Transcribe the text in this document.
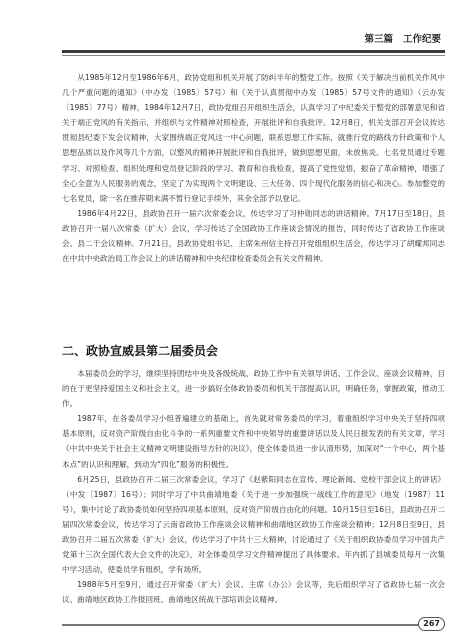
第三篇 工作纪要

从1985年12月至1986年6月，政协党组和机关开展了防纠半年的整党工作。按照《关于解决当前机关作风中几个严重问题的通知》（中办发〔1985〕57号）和《关于认真贯彻中办发〔1985〕57号文件的通知》（云办发〔1985〕77号）精神，1984年12月7日，政协党组召开组织生活会，认真学习了中纪委关于整党的部署意见和省关于端正党风的有关指示，并组织与文件精神对照检查，开展批评和自我批评。12月8日，机关支部召开会议传达贯彻县纪委下发会议精神，大家围绕端正党风这一中心问题，联系思想工作实际，就推行党的路线方针政策和个人思想品质以及作风等几个方面，以整风的精神开展批评和自我批评，做到思想见面，未放焦炎。七名党员通过专题学习、对照检查、组织处理和党员登记阶段的学习、教育和自我检查，提高了党性觉悟，振奋了革命精神，增强了全心全意为人民服务的观念，坚定了为实现两个文明建设、三大任务、四个现代化服务的信心和决心。参加整党的七名党员，除一名在推荐期未满不暂行登记手续外，其余全部予以登记。

1986年4月22日，县政协召开一届六次常委会议，传达学习了习仲勋同志的讲话精神。7月17日至18日，县政协召开一届八次常委（扩大）会议，学习传达了全国政协工作座谈会情况的报告，同时传达了省政协工作座谈会、县二干会议精神。7月21日，县政协党组书记、主席朱州信主持召开党组组织生活会，传达学习了胡耀邦同志在中共中央政治局工作会议上的讲话精神和中央纪律检查委员会有关文件精神。

二、政协宣威县第二届委员会

本届委员会的学习，继续坚持团结中央及各级统战、政协工作中有关领导讲话、工作会议、座谈会议精神，目的在于更坚持爱国主义和社会主义，进一步搞好全体政协委员和机关干部提高认识，明确任务，掌握政策，推动工作。

1987年，在各委员学习小组普遍建立的基础上，首先就对常务委员的学习，着重组织学习中央关于坚持四项基本原则，反对资产阶级自由化斗争的一系列重要文件和中央领导的重要讲话以及人民日报发表的有关文章，学习《中共中央关于社会主义精神文明建设指导方针的决议》，使全体委员进一步认清形势，加深对“一个中心，两个基本点”的认识和理解，到动为“四化”服务的积极性。

6月25日，县政协召开二届三次常委会议，学习了《赵紫阳同志在宣传、理论新闻、党校干部会议上的讲话》（中发〔1987〕16号）；同时学习了中共曲靖地委《关于进一步加强统一战线工作的意见》（地发〔1987〕11号），集中讨论了政协委员如何坚持四项基本原则，反对资产阶级自由化的问题。10月15日至16日，县政协召开二届四次常委会议，传达学习了云南省政协工作座谈会议精神和曲靖地区政协工作座谈会精神；12月8日至9日，县政协召开二届五次常委（扩大）会议，传达学习了中共十三大精神，讨论通过了《关于组织政协委员学习中国共产党第十三次全国代表大会文件的决定》，对全体委员学习文件精神提出了具体要求。年内抓了县城委员每月一次集中学习活动，使委员学有组织，学有场所。

1988年5月至9月，通过召开常委（扩大）会议、主席（办公）会议等，先后组织学习了省政协七届一次会议、曲靖地区政协工作报回班、曲靖地区统战干部培训会议精神。

267
